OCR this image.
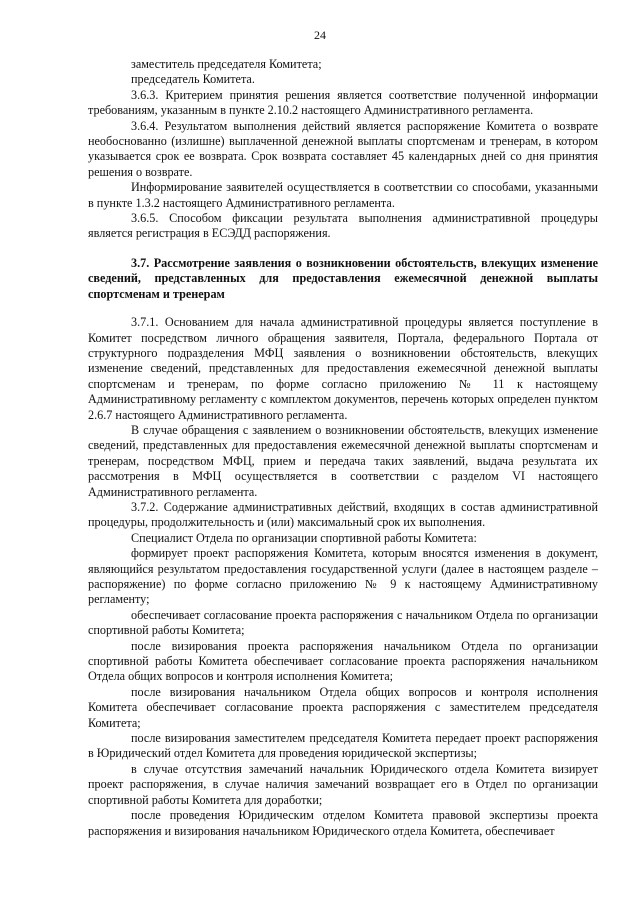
24

заместитель председателя Комитета;

председатель Комитета.

3.6.3. Критерием принятия решения является соответствие полученной информации требованиям, указанным в пункте 2.10.2 настоящего Административного регламента.

3.6.4. Результатом выполнения действий является распоряжение Комитета о возврате необоснованно (излишне) выплаченной денежной выплаты спортсменам и тренерам, в котором указывается срок ее возврата. Срок возврата составляет 45 календарных дней со дня принятия решения о возврате.

Информирование заявителей осуществляется в соответствии со способами, указанными в пункте 1.3.2 настоящего Административного регламента.

3.6.5. Способом фиксации результата выполнения административной процедуры является регистрация в ЕСЭДД распоряжения.

3.7. Рассмотрение заявления о возникновении обстоятельств, влекущих изменение сведений, представленных для предоставления ежемесячной денежной выплаты спортсменам и тренерам

3.7.1. Основанием для начала административной процедуры является поступление в Комитет посредством личного обращения заявителя, Портала, федерального Портала от структурного подразделения МФЦ заявления о возникновении обстоятельств, влекущих изменение сведений, представленных для предоставления ежемесячной денежной выплаты спортсменам и тренерам, по форме согласно приложению № 11 к настоящему Административному регламенту с комплектом документов, перечень которых определен пунктом 2.6.7 настоящего Административного регламента.

В случае обращения с заявлением о возникновении обстоятельств, влекущих изменение сведений, представленных для предоставления ежемесячной денежной выплаты спортсменам и тренерам, посредством МФЦ, прием и передача таких заявлений, выдача результата их рассмотрения в МФЦ осуществляется в соответствии с разделом VI настоящего Административного регламента.

3.7.2. Содержание административных действий, входящих в состав административной процедуры, продолжительность и (или) максимальный срок их выполнения.

Специалист Отдела по организации спортивной работы Комитета:

формирует проект распоряжения Комитета, которым вносятся изменения в документ, являющийся результатом предоставления государственной услуги (далее в настоящем разделе – распоряжение) по форме согласно приложению № 9 к настоящему Административному регламенту;

обеспечивает согласование проекта распоряжения с начальником Отдела по организации спортивной работы Комитета;

после визирования проекта распоряжения начальником Отдела по организации спортивной работы Комитета обеспечивает согласование проекта распоряжения начальником Отдела общих вопросов и контроля исполнения Комитета;

после визирования начальником Отдела общих вопросов и контроля исполнения Комитета обеспечивает согласование проекта распоряжения с заместителем председателя Комитета;

после визирования заместителем председателя Комитета передает проект распоряжения в Юридический отдел Комитета для проведения юридической экспертизы;

в случае отсутствия замечаний начальник Юридического отдела Комитета визирует проект распоряжения, в случае наличия замечаний возвращает его в Отдел по организации спортивной работы Комитета для доработки;

после проведения Юридическим отделом Комитета правовой экспертизы проекта распоряжения и визирования начальником Юридического отдела Комитета, обеспечивает
